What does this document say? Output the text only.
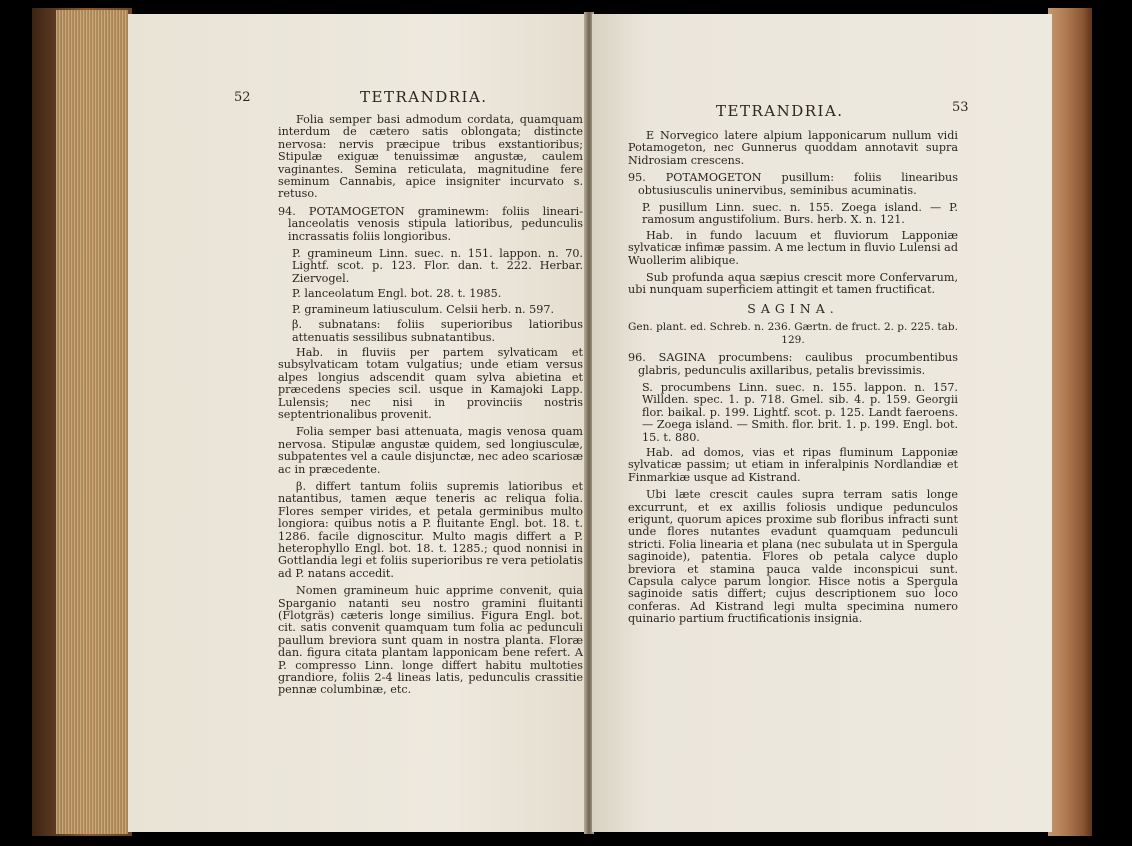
52	TETRANDRIA.

Folia semper basi admodum cordata, quamquam interdum de cætero satis oblongata; distincte nervosa: nervis præcipue tribus exstantioribus; Stipulæ exiguæ tenuissimæ angustæ, caulem vaginantes. Semina reticulata, magnitudine fere seminum Cannabis, apice insigniter incurvato s. retuso.

94. POTAMOGETON graminewm: foliis lineari-lanceolatis venosis stipula latioribus, pedunculis incrassatis foliis longioribus.

P. gramineum Linn. suec. n. 151. lappon. n. 70. Lightf. scot. p. 123. Flor. dan. t. 222. Herbar. Ziervogel.

P. lanceolatum Engl. bot. 28. t. 1985.

P. gramineum latiusculum. Celsii herb. n. 597.

β. subnatans: foliis superioribus latioribus attenuatis sessilibus subnatantibus.

Hab. in fluviis per partem sylvaticam et subsylvaticam totam vulgatius; unde etiam versus alpes longius adscendit quam sylva abietina et præcedens species scil. usque in Kamajoki Lapp. Lulensis; nec nisi in provinciis nostris septentrionalibus provenit.

Folia semper basi attenuata, magis venosa quam nervosa. Stipulæ angustæ quidem, sed longiusculæ, subpatentes vel a caule disjunctæ, nec adeo scariosæ ac in præcedente.

β. differt tantum foliis supremis latioribus et natantibus, tamen æque teneris ac reliqua folia. Flores semper virides, et petala germinibus multo longiora: quibus notis a P. fluitante Engl. bot. 18. t. 1286. facile dignoscitur. Multo magis differt a P. heterophyllo Engl. bot. 18. t. 1285.; quod nonnisi in Gottlandia legi et foliis superioribus re vera petiolatis ad P. natans accedit.

Nomen gramineum huic apprime convenit, quia Sparganio natanti seu nostro gramini fluitanti (Flotgräs) cæteris longe similius. Figura Engl. bot. cit. satis convenit quamquam tum folia ac pedunculi paullum breviora sunt quam in nostra planta. Floræ dan. figura citata plantam lapponicam bene refert. A P. compresso Linn. longe differt habitu multoties grandiore, foliis 2-4 lineas latis, pedunculis crassitie pennæ columbinæ, etc.

TETRANDRIA.	53

E Norvegico latere alpium lapponicarum nullum vidi Potamogeton, nec Gunnerus quoddam annotavit supra Nidrosiam crescens.

95. POTAMOGETON pusillum: foliis linearibus obtusiusculis uninervibus, seminibus acuminatis.

P. pusillum Linn. suec. n. 155. Zoega island. — P. ramosum angustifolium. Burs. herb. X. n. 121.

Hab. in fundo lacuum et fluviorum Lapponiæ sylvaticæ infimæ passim. A me lectum in fluvio Lulensi ad Wuollerim alibique.

Sub profunda aqua sæpius crescit more Confervarum, ubi nunquam superficiem attingit et tamen fructificat.

SAGINA.

Gen. plant. ed. Schreb. n. 236. Gærtn. de fruct. 2. p. 225. tab. 129.

96. SAGINA procumbens: caulibus procumbentibus glabris, pedunculis axillaribus, petalis brevissimis.

S. procumbens Linn. suec. n. 155. lappon. n. 157. Willden. spec. 1. p. 718. Gmel. sib. 4. p. 159. Georgii flor. baikal. p. 199. Lightf. scot. p. 125. Landt faeroens. — Zoega island. — Smith. flor. brit. 1. p. 199. Engl. bot. 15. t. 880.

Hab. ad domos, vias et ripas fluminum Lapponiæ sylvaticæ passim; ut etiam in inferalpinis Nordlandiæ et Finmarkiæ usque ad Kistrand.

Ubi læte crescit caules supra terram satis longe excurrunt, et ex axillis foliosis undique pedunculos erigunt, quorum apices proxime sub floribus infracti sunt unde flores nutantes evadunt quamquam pedunculi stricti. Folia linearia et plana (nec subulata ut in Spergula saginoide), patentia. Flores ob petala calyce duplo breviora et stamina pauca valde inconspicui sunt. Capsula calyce parum longior. Hisce notis a Spergula saginoide satis differt; cujus descriptionem suo loco conferas. Ad Kistrand legi multa specimina numero quinario partium fructificationis insignia.
